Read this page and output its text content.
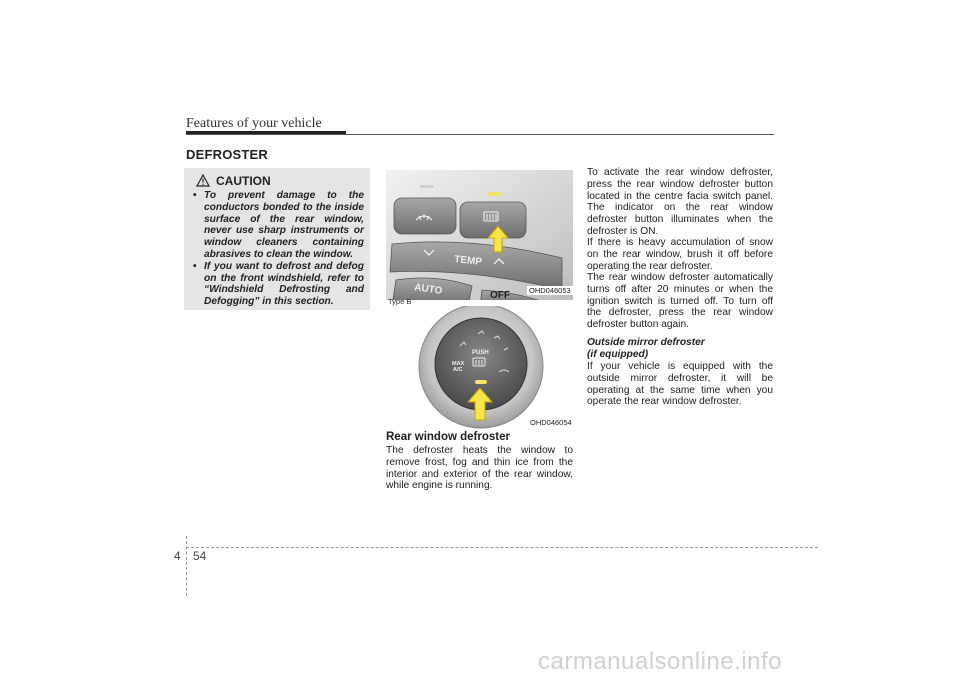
Features of your vehicle
DEFROSTER
CAUTION
• To prevent damage to the conductors bonded to the inside surface of the rear window, never use sharp instruments or window cleaners containing abrasives to clean the window.
• If you want to defrost and defog on the front windshield, refer to “Windshield Defrosting and Defogging” in this section.
TEMP
AUTO	OFF	OHD046053
Type B
PUSH
MAX
A/C
OHD046054
Rear window defroster

The defroster heats the window to remove frost, fog and thin ice from the interior and exterior of the rear window, while engine is running.

To activate the rear window defroster, press the rear window defroster button located in the centre facia switch panel. The indicator on the rear window defroster button illuminates when the defroster is ON.

If there is heavy accumulation of snow on the rear window, brush it off before operating the rear defroster.

The rear window defroster automatically turns off after 20 minutes or when the ignition switch is turned off. To turn off the defroster, press the rear window defroster button again.

Outside mirror defroster
(if equipped)

If your vehicle is equipped with the outside mirror defroster, it will be operating at the same time when you operate the rear window defroster.

4 54
carmanualsonline.info
